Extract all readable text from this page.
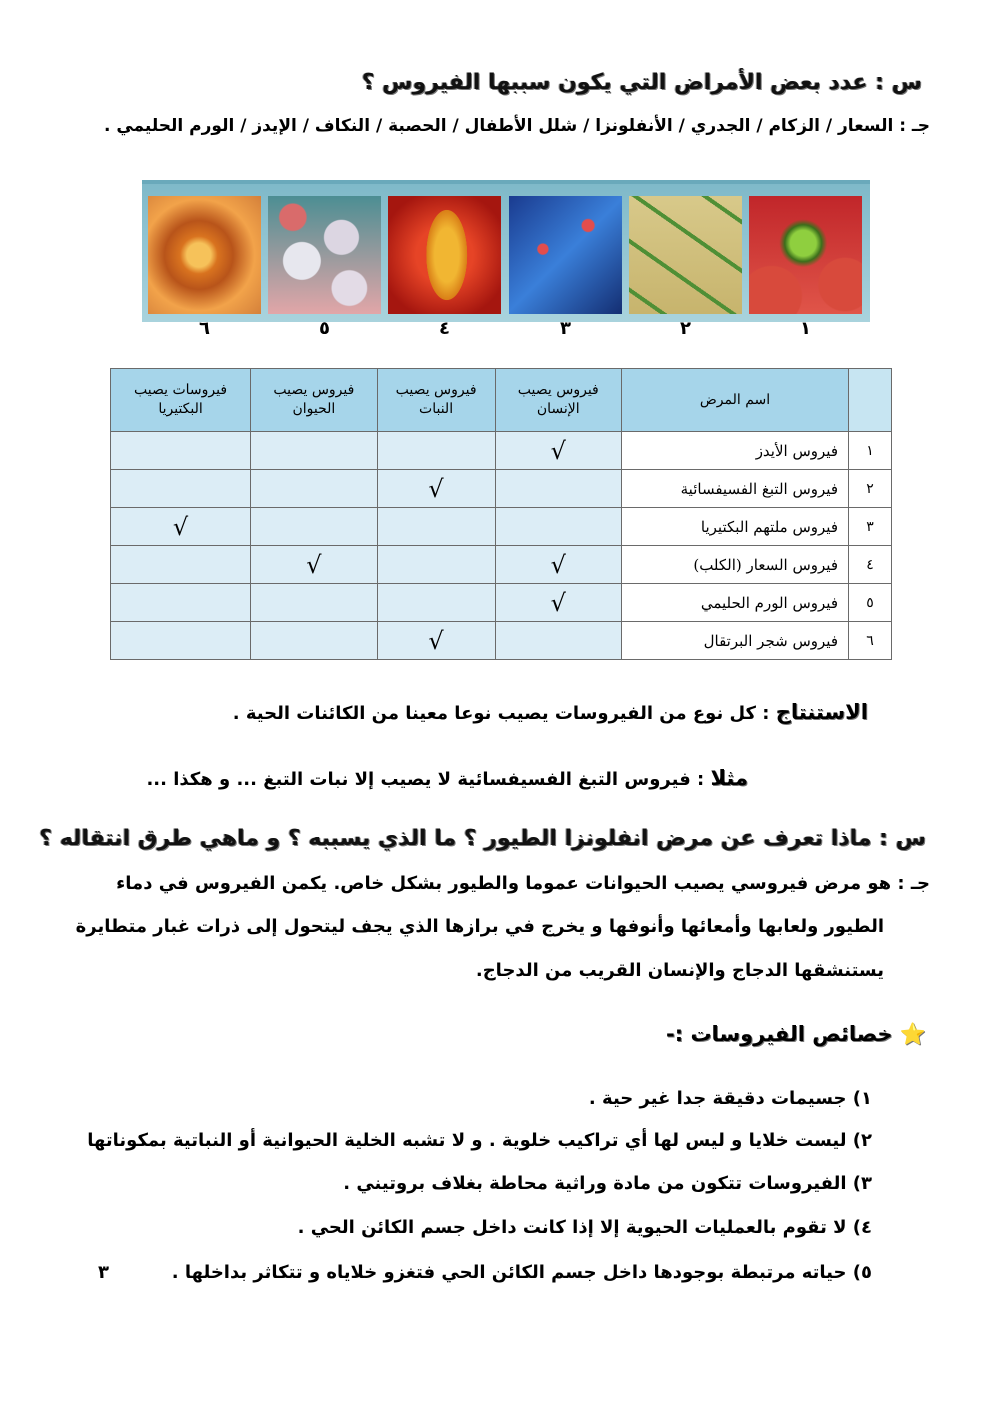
س : عدد بعض الأمراض التي يكون سببها الفيروس ؟
جـ : السعار / الزكام / الجدري / الأنفلونزا / شلل الأطفال / الحصبة / النكاف / الإيدز / الورم الحليمي .
٦	٥	٤	٣	٢	١
	اسم المرض	فيروس يصيب الإنسان	فيروس يصيب النبات	فيروس يصيب الحيوان	فيروسات يصيب البكتيريا
١	فيروس الأيدز	√			

٢	فيروس التبغ الفسيفسائية		√		

٣	فيروس ملتهم البكتيريا				√

٤	فيروس السعار (الكلب)	√		√	

٥	فيروس الورم الحليمي	√			

٦	فيروس شجر البرتقال		√		

الاستنتاج : كل نوع من الفيروسات يصيب نوعا معينا من الكائنات الحية .
مثلا : فيروس التبغ الفسيفسائية لا يصيب إلا نبات التبغ ... و هكذا ...
س : ماذا تعرف عن مرض انفلونزا الطيور ؟ ما الذي يسببه ؟ و ماهي طرق انتقاله ؟
جـ : هو مرض فيروسي يصيب الحيوانات عموما والطيور بشكل خاص. يكمن الفيروس في دماء
الطيور ولعابها وأمعائها وأنوفها و يخرج في برازها الذي يجف ليتحول إلى ذرات غبار متطايرة
يستنشقها الدجاج والإنسان القريب من الدجاج.
⭐ خصائص الفيروسات :-
١) جسيمات دقيقة جدا غير حية .
٢) ليست خلايا و ليس لها أي تراكيب خلوية . و لا تشبه الخلية الحيوانية أو النباتية بمكوناتها
٣) الفيروسات تتكون من مادة وراثية محاطة بغلاف بروتيني .
٤) لا تقوم بالعمليات الحيوية إلا إذا كانت داخل جسم الكائن الحي .
٥) حياته مرتبطة بوجودها داخل جسم الكائن الحي فتغزو خلاياه و تتكاثر بداخلها .
٣
